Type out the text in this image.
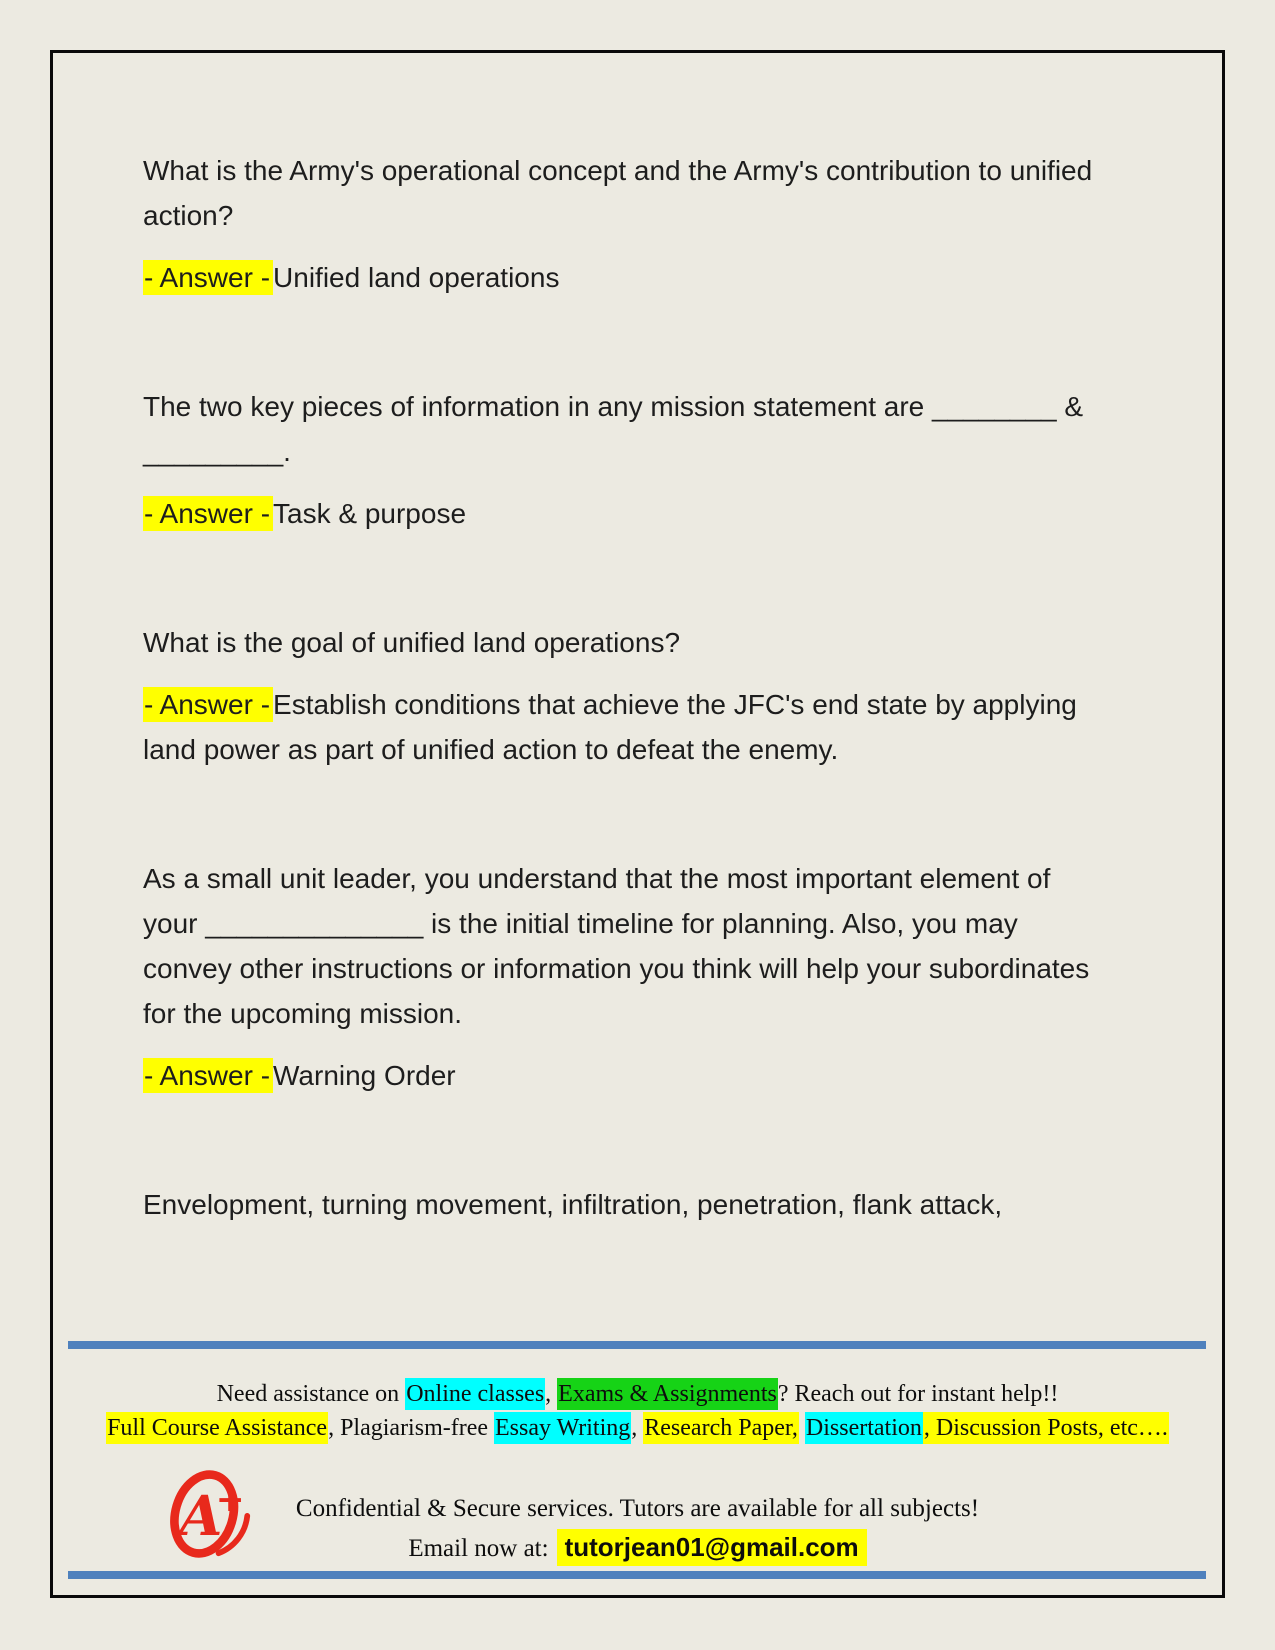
What is the Army's operational concept and the Army's contribution to unified action?

- Answer - Unified land operations

The two key pieces of information in any mission statement are ________ & _________.

- Answer - Task & purpose

What is the goal of unified land operations?

- Answer - Establish conditions that achieve the JFC's end state by applying land power as part of unified action to defeat the enemy.

As a small unit leader, you understand that the most important element of your ______________ is the initial timeline for planning. Also, you may convey other instructions or information you think will help your subordinates for the upcoming mission.

- Answer - Warning Order

Envelopment, turning movement, infiltration, penetration, flank attack,

Need assistance on Online classes, Exams & Assignments? Reach out for instant help!!

Full Course Assistance, Plagiarism-free Essay Writing, Research Paper, Dissertation, Discussion Posts, etc….

A
+	Confidential & Secure services. Tutors are available for all subjects!

Email now at: tutorjean01@gmail.com
